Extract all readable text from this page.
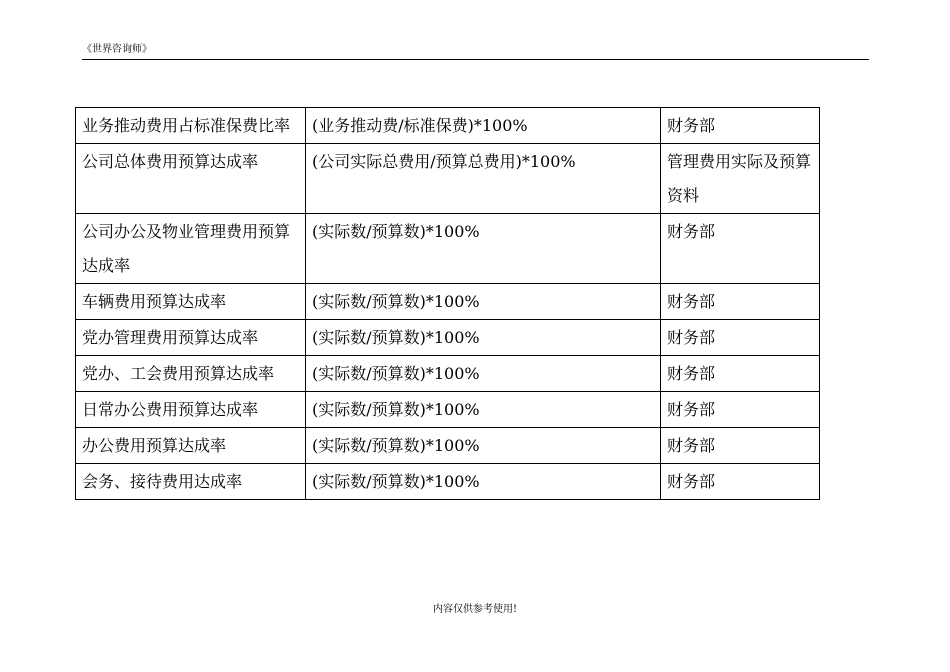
《世界咨询师》
业务推动费用占标准保费比率	(业务推动费/标准保费)*100%	财务部
公司总体费用预算达成率	(公司实际总费用/预算总费用)*100%	管理费用实际及预算资料
公司办公及物业管理费用预算达成率	(实际数/预算数)*100%	财务部
车辆费用预算达成率	(实际数/预算数)*100%	财务部
党办管理费用预算达成率	(实际数/预算数)*100%	财务部
党办、工会费用预算达成率	(实际数/预算数)*100%	财务部
日常办公费用预算达成率	(实际数/预算数)*100%	财务部
办公费用预算达成率	(实际数/预算数)*100%	财务部
会务、接待费用达成率	(实际数/预算数)*100%	财务部
内容仅供参考使用!
